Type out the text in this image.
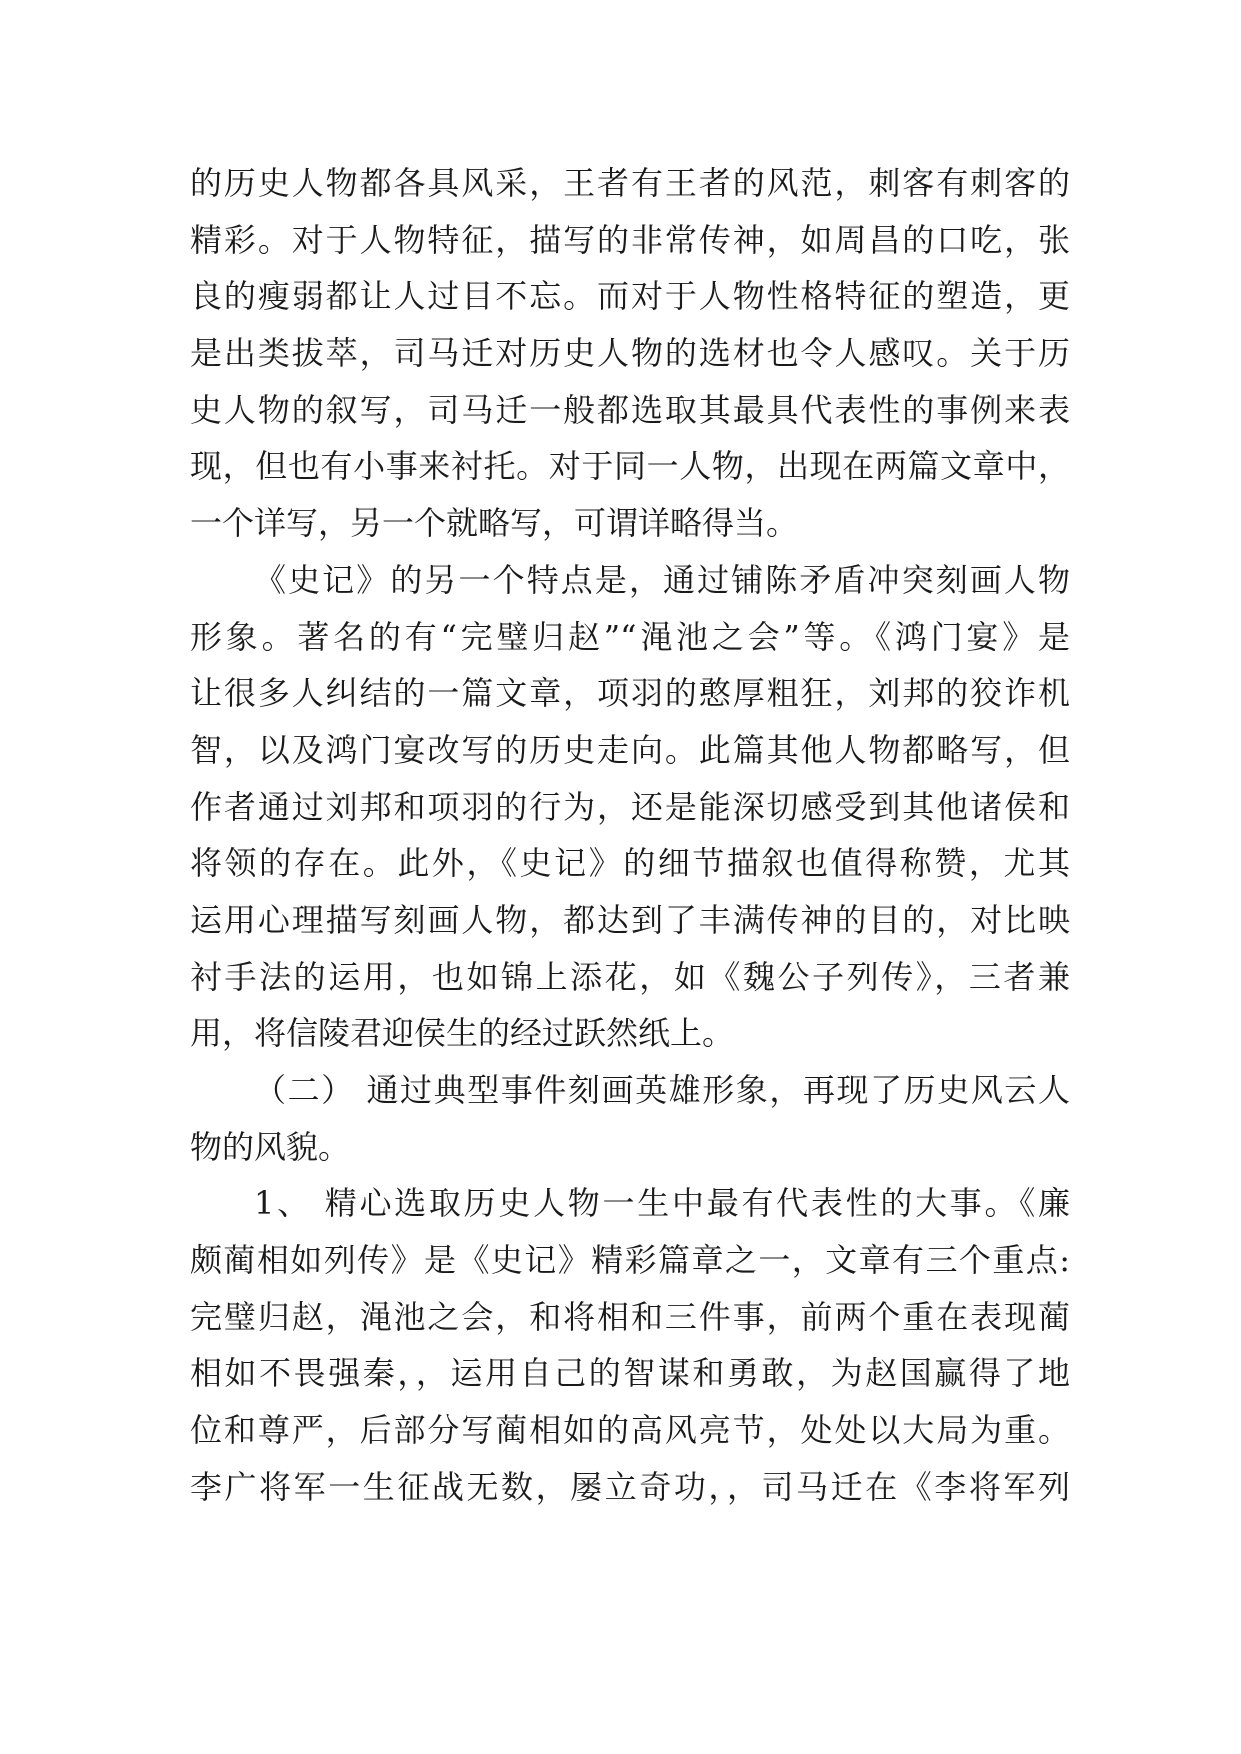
的历史人物都各具风采，王者有王者的风范，刺客有刺客的
精彩。对于人物特征，描写的非常传神，如周昌的口吃，张
良的瘦弱都让人过目不忘。而对于人物性格特征的塑造，更
是出类拔萃，司马迁对历史人物的选材也令人感叹。关于历
史人物的叙写，司马迁一般都选取其最具代表性的事例来表
现，但也有小事来衬托。对于同一人物，出现在两篇文章中，
一个详写，另一个就略写，可谓详略得当。
《史记》的另一个特点是，通过铺陈矛盾冲突刻画人物
形象。著名的有“完璧归赵”“渑池之会”等。《鸿门宴》是
让很多人纠结的一篇文章，项羽的憨厚粗狂，刘邦的狡诈机
智，以及鸿门宴改写的历史走向。此篇其他人物都略写，但
作者通过刘邦和项羽的行为，还是能深切感受到其他诸侯和
将领的存在。此外，《史记》的细节描叙也值得称赞，尤其
运用心理描写刻画人物，都达到了丰满传神的目的，对比映
衬手法的运用，也如锦上添花，如《魏公子列传》，三者兼
用，将信陵君迎侯生的经过跃然纸上。
（二） 通过典型事件刻画英雄形象，再现了历史风云人
物的风貌。
1、 精心选取历史人物一生中最有代表性的大事。《廉
颇蔺相如列传》是《史记》精彩篇章之一，文章有三个重点:
完璧归赵，渑池之会，和将相和三件事，前两个重在表现蔺
相如不畏强秦，，运用自己的智谋和勇敢，为赵国赢得了地
位和尊严，后部分写蔺相如的高风亮节，处处以大局为重。
李广将军一生征战无数，屡立奇功，，司马迁在《李将军列
